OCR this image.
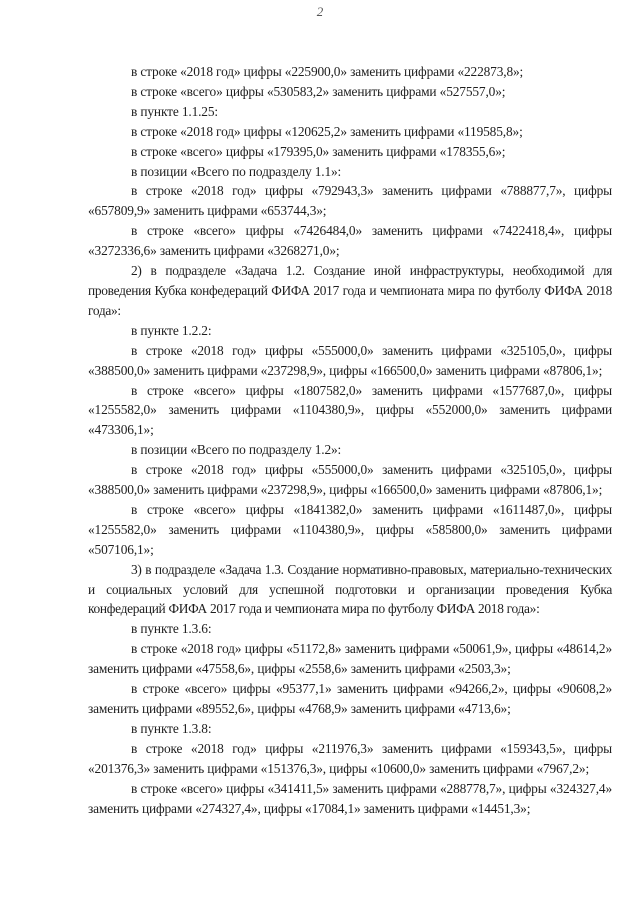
2

в строке «2018 год» цифры «225900,0» заменить цифрами «222873,8»;

в строке «всего» цифры «530583,2» заменить цифрами «527557,0»;

в пункте 1.1.25:

в строке «2018 год» цифры «120625,2» заменить цифрами «119585,8»;

в строке «всего» цифры «179395,0» заменить цифрами «178355,6»;

в позиции «Всего по подразделу 1.1»:

в строке «2018 год» цифры «792943,3» заменить цифрами «788877,7», цифры «657809,9» заменить цифрами «653744,3»;

в строке «всего» цифры «7426484,0» заменить цифрами «7422418,4», цифры «3272336,6» заменить цифрами «3268271,0»;

2) в подразделе «Задача 1.2. Создание иной инфраструктуры, необходимой для проведения Кубка конфедераций ФИФА 2017 года и чемпионата мира по футболу ФИФА 2018 года»:

в пункте 1.2.2:

в строке «2018 год» цифры «555000,0» заменить цифрами «325105,0», цифры «388500,0» заменить цифрами «237298,9», цифры «166500,0» заменить цифрами «87806,1»;

в строке «всего» цифры «1807582,0» заменить цифрами «1577687,0», цифры «1255582,0» заменить цифрами «1104380,9», цифры «552000,0» заменить цифрами «473306,1»;

в позиции «Всего по подразделу 1.2»:

в строке «2018 год» цифры «555000,0» заменить цифрами «325105,0», цифры «388500,0» заменить цифрами «237298,9», цифры «166500,0» заменить цифрами «87806,1»;

в строке «всего» цифры «1841382,0» заменить цифрами «1611487,0», цифры «1255582,0» заменить цифрами «1104380,9», цифры «585800,0» заменить цифрами «507106,1»;

3) в подразделе «Задача 1.3. Создание нормативно-правовых, материально-технических и социальных условий для успешной подготовки и организации проведения Кубка конфедераций ФИФА 2017 года и чемпионата мира по футболу ФИФА 2018 года»:

в пункте 1.3.6:

в строке «2018 год» цифры «51172,8» заменить цифрами «50061,9», цифры «48614,2» заменить цифрами «47558,6», цифры «2558,6» заменить цифрами «2503,3»;

в строке «всего» цифры «95377,1» заменить цифрами «94266,2», цифры «90608,2» заменить цифрами «89552,6», цифры «4768,9» заменить цифрами «4713,6»;

в пункте 1.3.8:

в строке «2018 год» цифры «211976,3» заменить цифрами «159343,5», цифры «201376,3» заменить цифрами «151376,3», цифры «10600,0» заменить цифрами «7967,2»;

в строке «всего» цифры «341411,5» заменить цифрами «288778,7», цифры «324327,4» заменить цифрами «274327,4», цифры «17084,1» заменить цифрами «14451,3»;
